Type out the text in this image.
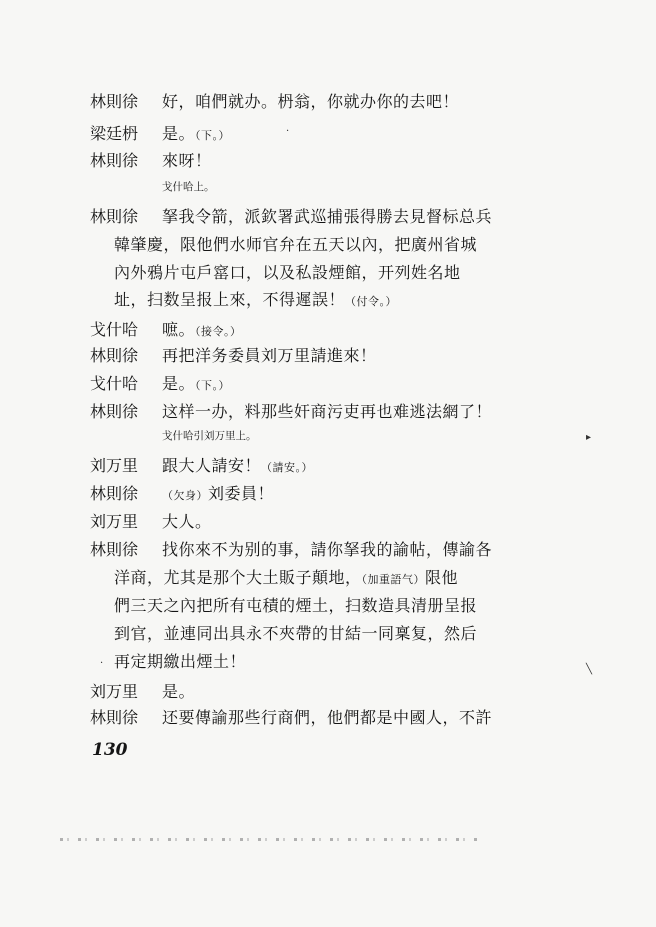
林則徐	好，咱們就办。枬翁，你就办你的去吧！
梁廷枬	是。（下。）
林則徐	來呀！
戈什哈上。
林則徐	拏我令箭，派欽署武巡捕張得勝去見督标总兵
韓肇慶，限他們水师官弁在五天以內，把廣州省城
內外鴉片屯戶窰口，以及私設煙館，开列姓名地
址，扫数呈报上來，不得遲誤！（付令。）
戈什哈	嗻。（接令。）
林則徐	再把洋务委員刘万里請進來！
戈什哈	是。（下。）
林則徐	这样一办，料那些奸商污吏再也难逃法網了！
戈什哈引刘万里上。
刘万里	跟大人請安！（請安。）
林則徐	（欠身）刘委員！
刘万里	大人。
林則徐	找你來不为别的事，請你拏我的諭帖，傳諭各
洋商，尤其是那个大土販子顛地，（加重語气）限他
們三天之內把所有屯積的煙土，扫数造具清册呈报
到官，並連同出具永不夾帶的甘結一同稟复，然后
再定期繳出煙土！
刘万里	是。
林則徐	还要傳諭那些行商們，他們都是中國人，不許
130
·
▸
╲
·
